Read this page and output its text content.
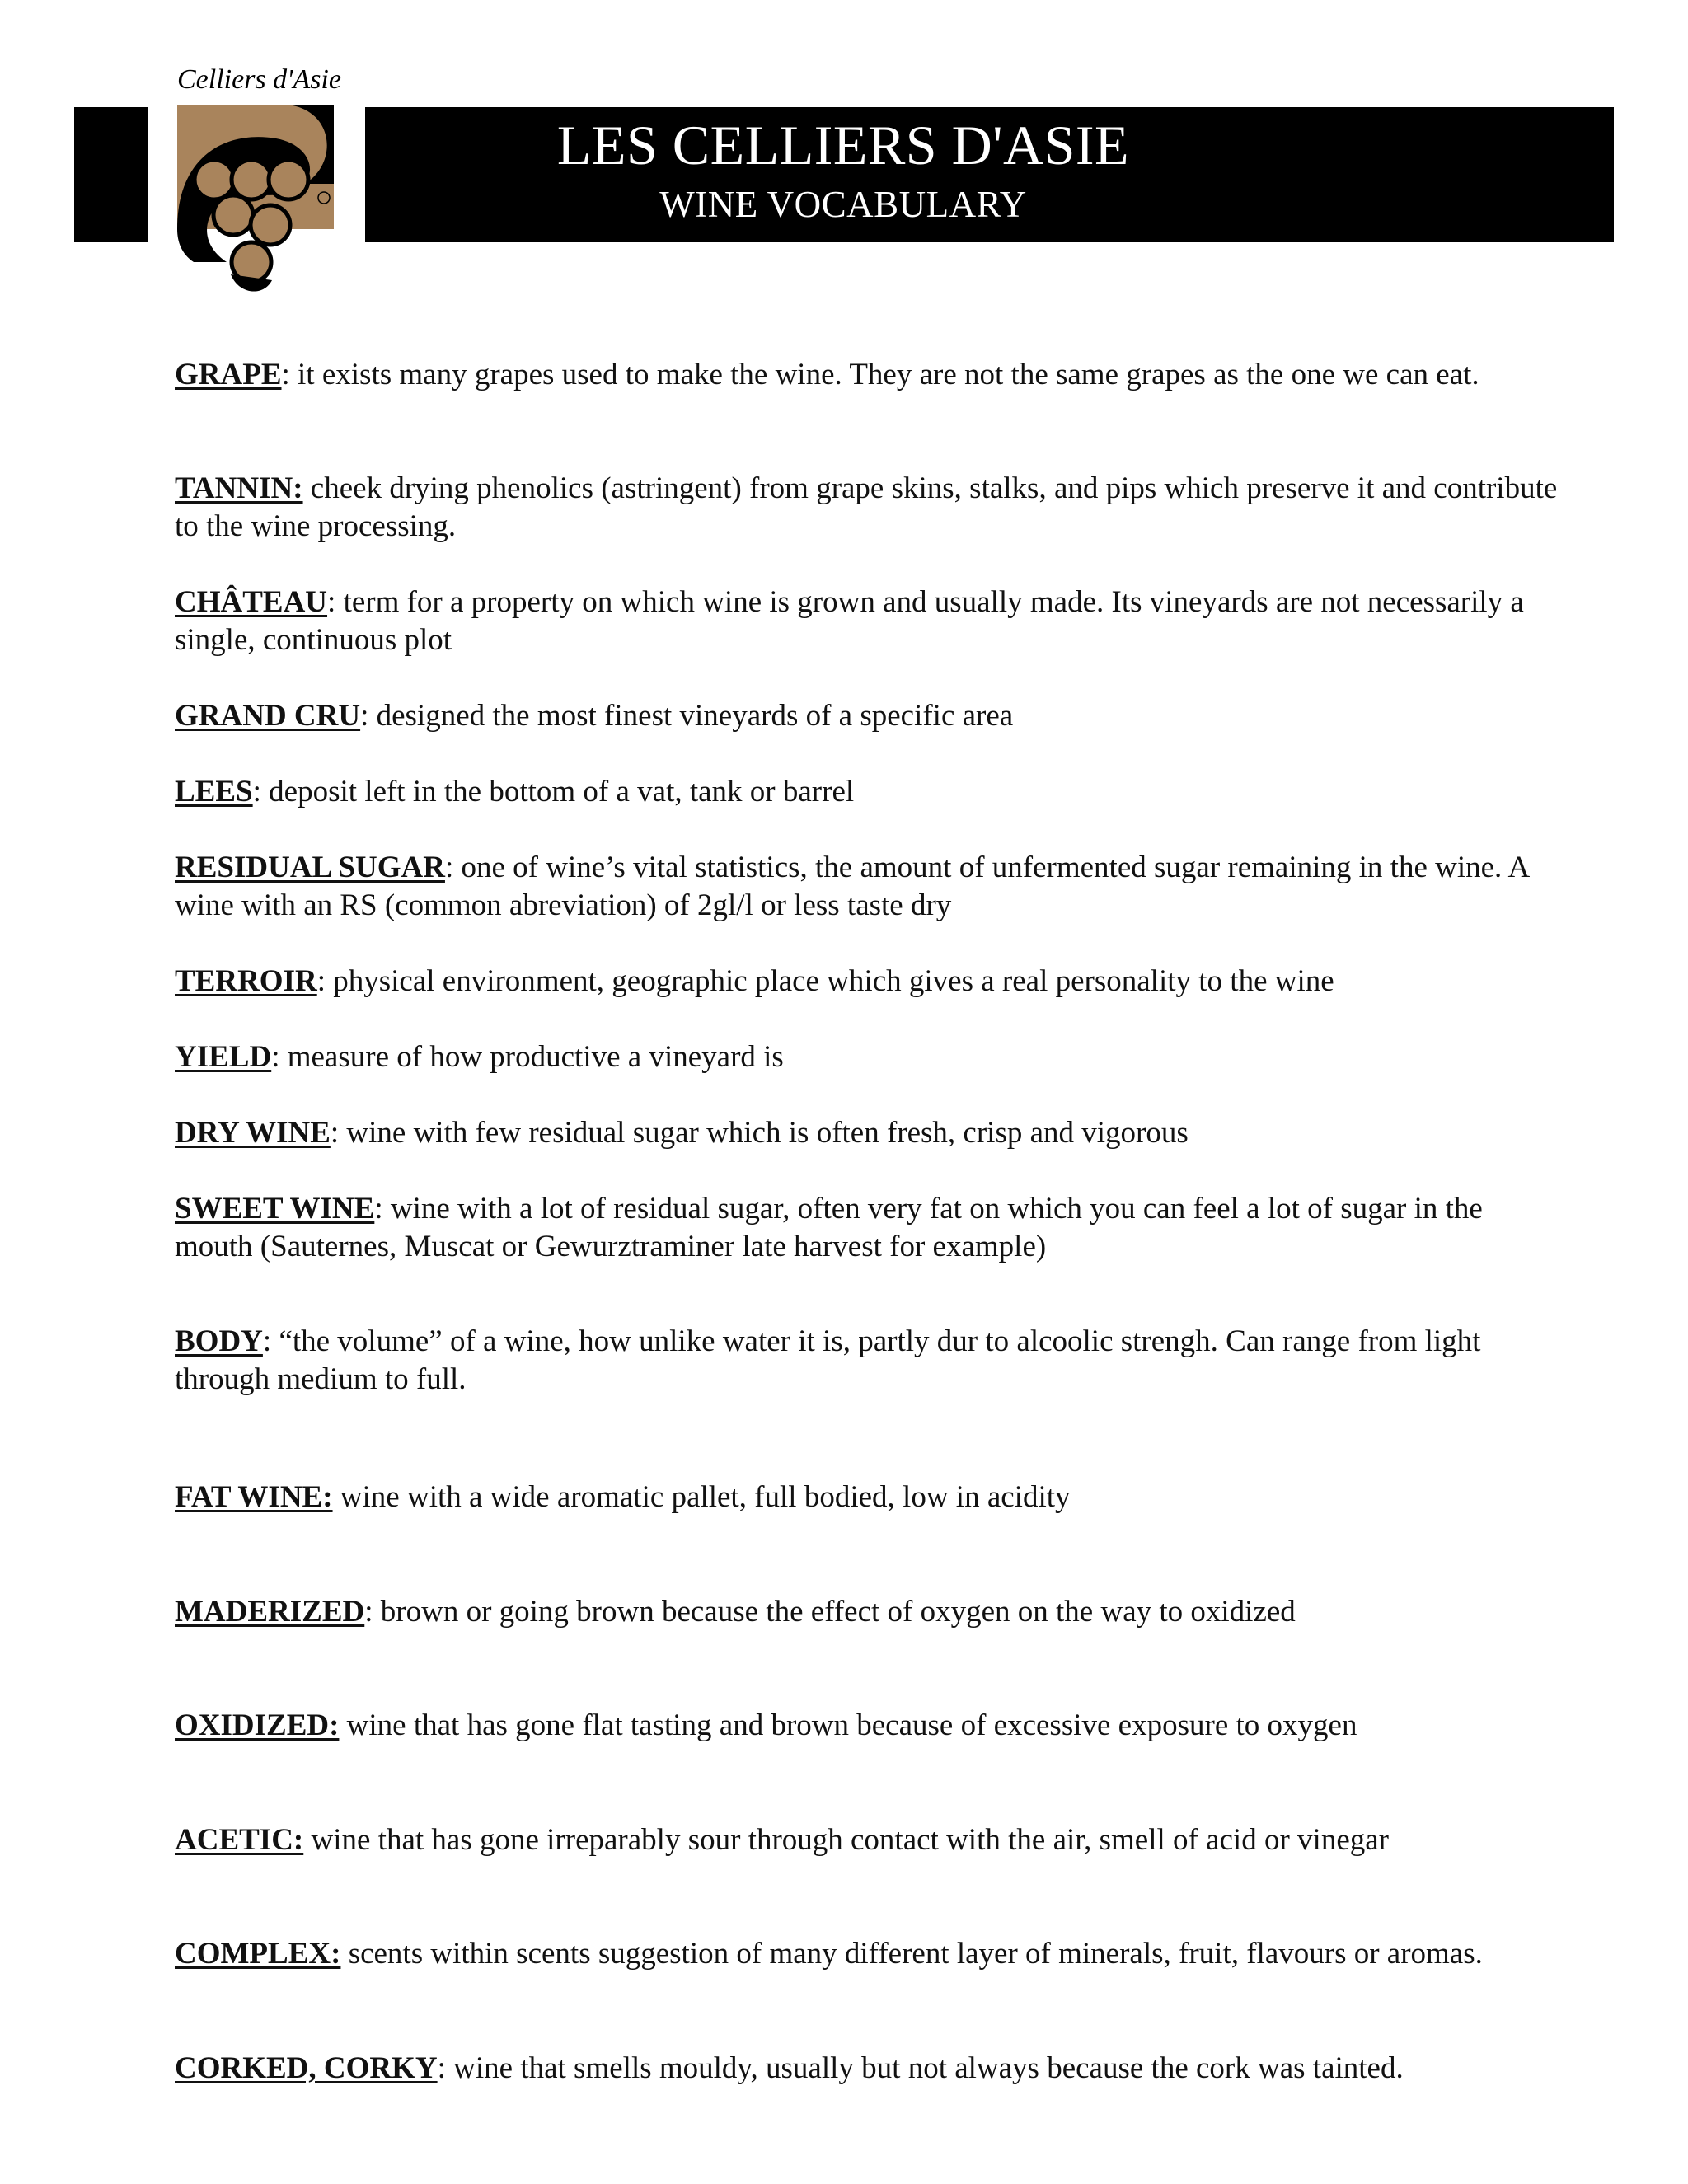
Celliers d'Asie
LES CELLIERS D'ASIE
WINE VOCABULARY
GRAPE: it exists many grapes used to make the wine. They are not the same grapes as the one we can eat.
TANNIN: cheek drying phenolics (astringent) from grape skins, stalks, and pips which preserve it and contribute to the wine processing.
CHÂTEAU: term for a property on which wine is grown and usually made. Its vineyards are not necessarily a single, continuous plot
GRAND CRU: designed the most finest vineyards of a specific area
LEES: deposit left in the bottom of a vat, tank or barrel
RESIDUAL SUGAR: one of wine’s vital statistics, the amount of unfermented sugar remaining in the wine. A wine with an RS (common abreviation) of 2gl/l or less taste dry
TERROIR: physical environment, geographic place which gives a real personality to the wine
YIELD: measure of how productive a vineyard is
DRY WINE: wine with few residual sugar which is often fresh, crisp and vigorous
SWEET WINE: wine with a lot of residual sugar, often very fat on which you can feel a lot of sugar in the mouth (Sauternes, Muscat or Gewurztraminer late harvest for example)
BODY: “the volume” of a wine, how unlike water it is, partly dur to alcoolic strengh. Can range from light through medium to full.
FAT WINE: wine with a wide aromatic pallet, full bodied, low in acidity
MADERIZED: brown or going brown because the effect of oxygen on the way to oxidized
OXIDIZED: wine that has gone flat tasting and brown because of excessive exposure to oxygen
ACETIC: wine that has gone irreparably sour through contact with the air, smell of acid or vinegar
COMPLEX: scents within scents suggestion of many different layer of minerals, fruit, flavours or aromas.
CORKED, CORKY: wine that smells mouldy, usually but not always because the cork was tainted.
